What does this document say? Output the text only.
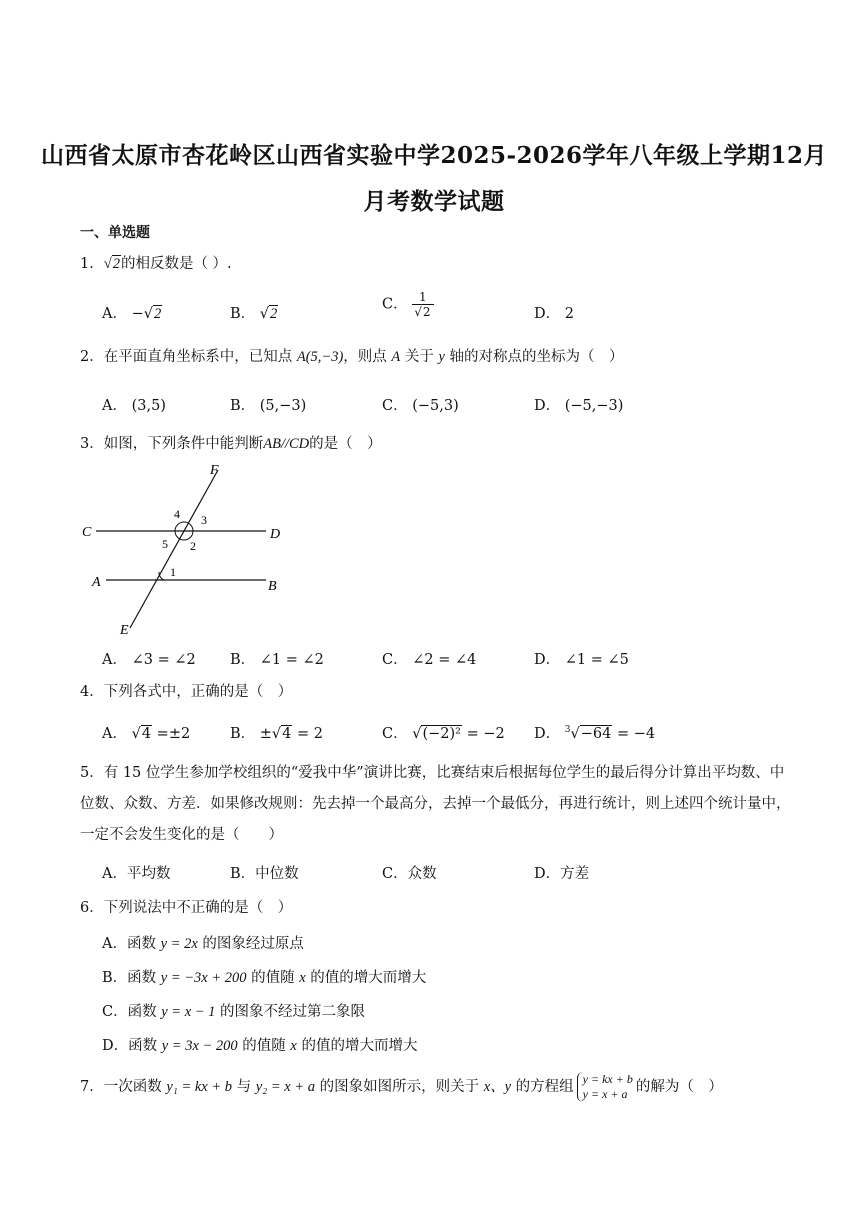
山西省太原市杏花岭区山西省实验中学2025-2026学年八年级上学期12月
月考数学试题
一、单选题
1．√2的相反数是（ ）.
A． −√2	B． √2
C． $\frac{1}{√2}$	D． 2
2．在平面直角坐标系中，已知点 A(5,−3)，则点 A 关于 y 轴的对称点的坐标为（　）
A． (3,5)	B． (5,−3)	C． (−5,3)	D． (−5,−3)
3．如图，下列条件中能判断AB//CD的是（　）
F
C	D
A	B
E
1
2
3
4
5
A． ∠3 = ∠2 B． ∠1 = ∠2	C． ∠2 = ∠4	D． ∠1 = ∠5
4．下列各式中，正确的是（　）
A． √4 =±2	B． ±√4 = 2	C． √(−2)² = −2 D． $^3$√−64 = −4
5．有 15 位学生参加学校组织的“爱我中华”演讲比赛，比赛结束后根据每位学生的最后得分计算出平均数、中位数、众数、方差．如果修改规则：先去掉一个最高分，去掉一个最低分，再进行统计，则上述四个统计量中，一定不会发生变化的是（　　）
A．平均数	B．中位数	C．众数	D．方差
6．下列说法中不正确的是（　）
A．函数 y = 2x 的图象经过原点
B．函数 y = −3x + 200 的值随 x 的值的增大而增大
C．函数 y = x − 1 的图象不经过第二象限
D．函数 y = 3x − 200 的值随 x 的值的增大而增大
7．一次函数 y₁ = kx + b 与 y₂ = x + a 的图象如图所示，则关于 x、y 的方程组 y = kx + b
y = x + a 的解为（　）
